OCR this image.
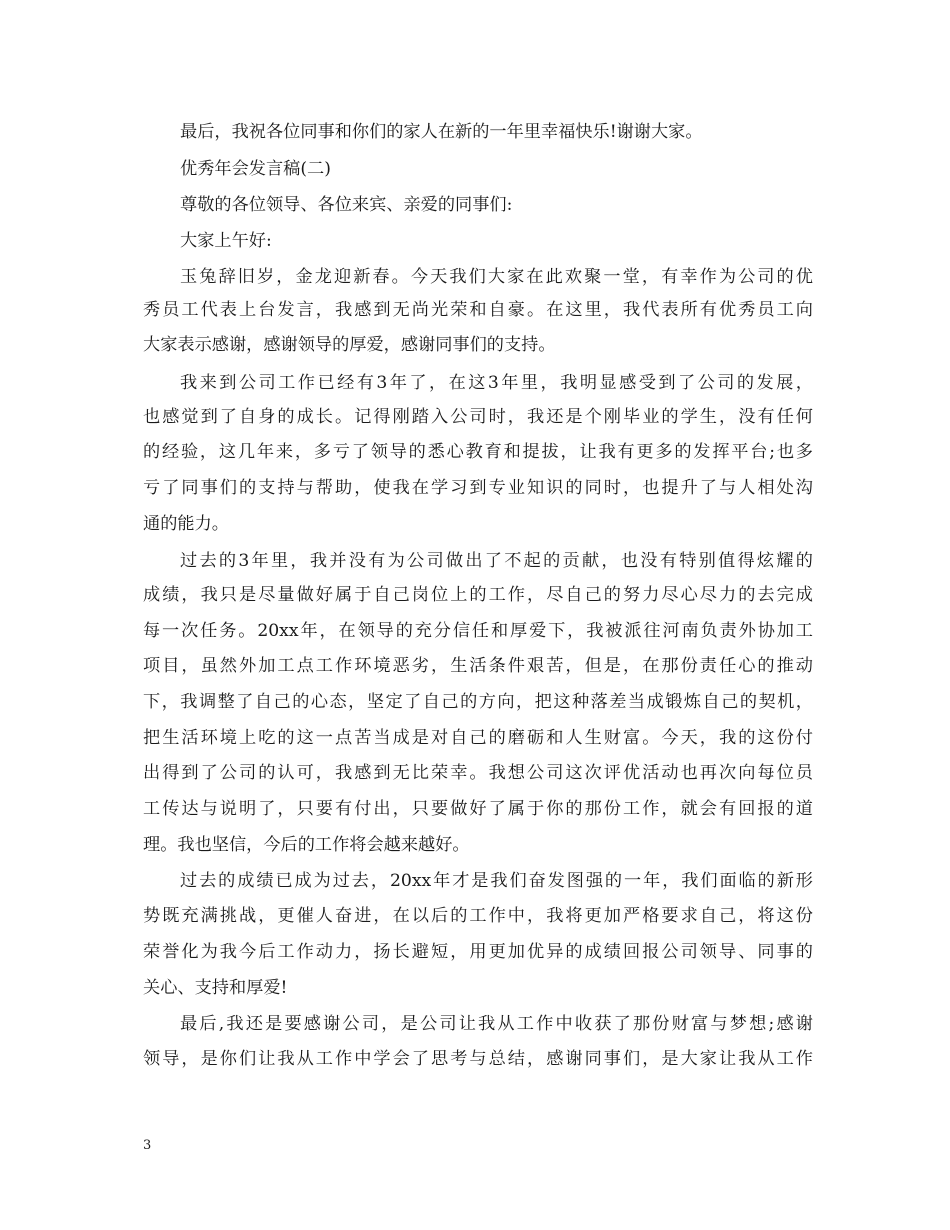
最后，我祝各位同事和你们的家人在新的一年里幸福快乐!谢谢大家。
优秀年会发言稿(二)
尊敬的各位领导、各位来宾、亲爱的同事们:
大家上午好:
玉兔辞旧岁，金龙迎新春。今天我们大家在此欢聚一堂，有幸作为公司的优
秀员工代表上台发言，我感到无尚光荣和自豪。在这里，我代表所有优秀员工向
大家表示感谢，感谢领导的厚爱，感谢同事们的支持。
我来到公司工作已经有3年了，在这3年里，我明显感受到了公司的发展，
也感觉到了自身的成长。记得刚踏入公司时，我还是个刚毕业的学生，没有任何
的经验，这几年来，多亏了领导的悉心教育和提拔，让我有更多的发挥平台;也多
亏了同事们的支持与帮助，使我在学习到专业知识的同时，也提升了与人相处沟
通的能力。
过去的3年里，我并没有为公司做出了不起的贡献，也没有特别值得炫耀的
成绩，我只是尽量做好属于自己岗位上的工作，尽自己的努力尽心尽力的去完成
每一次任务。20xx年，在领导的充分信任和厚爱下，我被派往河南负责外协加工
项目，虽然外加工点工作环境恶劣，生活条件艰苦，但是，在那份责任心的推动
下，我调整了自己的心态，坚定了自己的方向，把这种落差当成锻炼自己的契机，
把生活环境上吃的这一点苦当成是对自己的磨砺和人生财富。今天，我的这份付
出得到了公司的认可，我感到无比荣幸。我想公司这次评优活动也再次向每位员
工传达与说明了，只要有付出，只要做好了属于你的那份工作，就会有回报的道
理。我也坚信，今后的工作将会越来越好。
过去的成绩已成为过去，20xx年才是我们奋发图强的一年，我们面临的新形
势既充满挑战，更催人奋进，在以后的工作中，我将更加严格要求自己，将这份
荣誉化为我今后工作动力，扬长避短，用更加优异的成绩回报公司领导、同事的
关心、支持和厚爱!
最后,我还是要感谢公司，是公司让我从工作中收获了那份财富与梦想;感谢
领导，是你们让我从工作中学会了思考与总结，感谢同事们，是大家让我从工作
3
